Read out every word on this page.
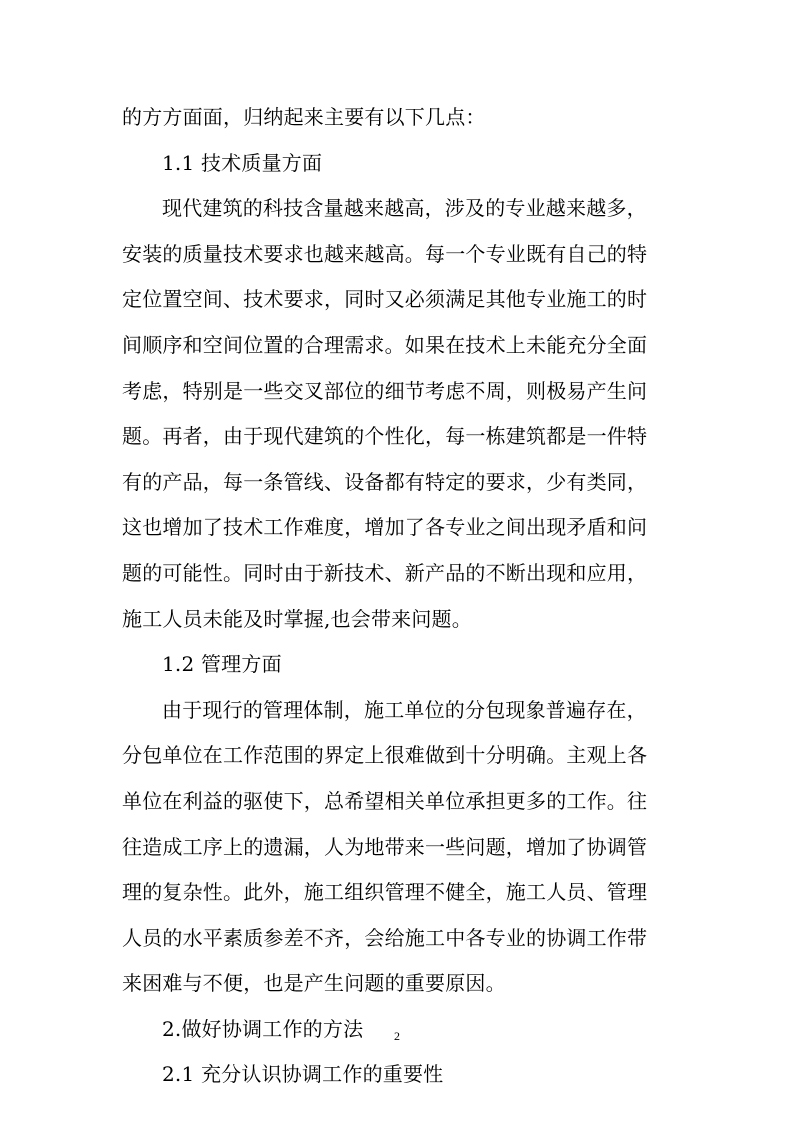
的方方面面，归纳起来主要有以下几点：
1.1 技术质量方面
现代建筑的科技含量越来越高，涉及的专业越来越多，
安装的质量技术要求也越来越高。每一个专业既有自己的特
定位置空间、技术要求，同时又必须满足其他专业施工的时
间顺序和空间位置的合理需求。如果在技术上未能充分全面
考虑，特别是一些交叉部位的细节考虑不周，则极易产生问
题。再者，由于现代建筑的个性化，每一栋建筑都是一件特
有的产品，每一条管线、设备都有特定的要求，少有类同，
这也增加了技术工作难度，增加了各专业之间出现矛盾和问
题的可能性。同时由于新技术、新产品的不断出现和应用，
施工人员未能及时掌握,也会带来问题。
1.2 管理方面
由于现行的管理体制，施工单位的分包现象普遍存在，
分包单位在工作范围的界定上很难做到十分明确。主观上各
单位在利益的驱使下，总希望相关单位承担更多的工作。往
往造成工序上的遗漏，人为地带来一些问题，增加了协调管
理的复杂性。此外，施工组织管理不健全，施工人员、管理
人员的水平素质参差不齐，会给施工中各专业的协调工作带
来困难与不便，也是产生问题的重要原因。
2.做好协调工作的方法
2.1 充分认识协调工作的重要性
2
